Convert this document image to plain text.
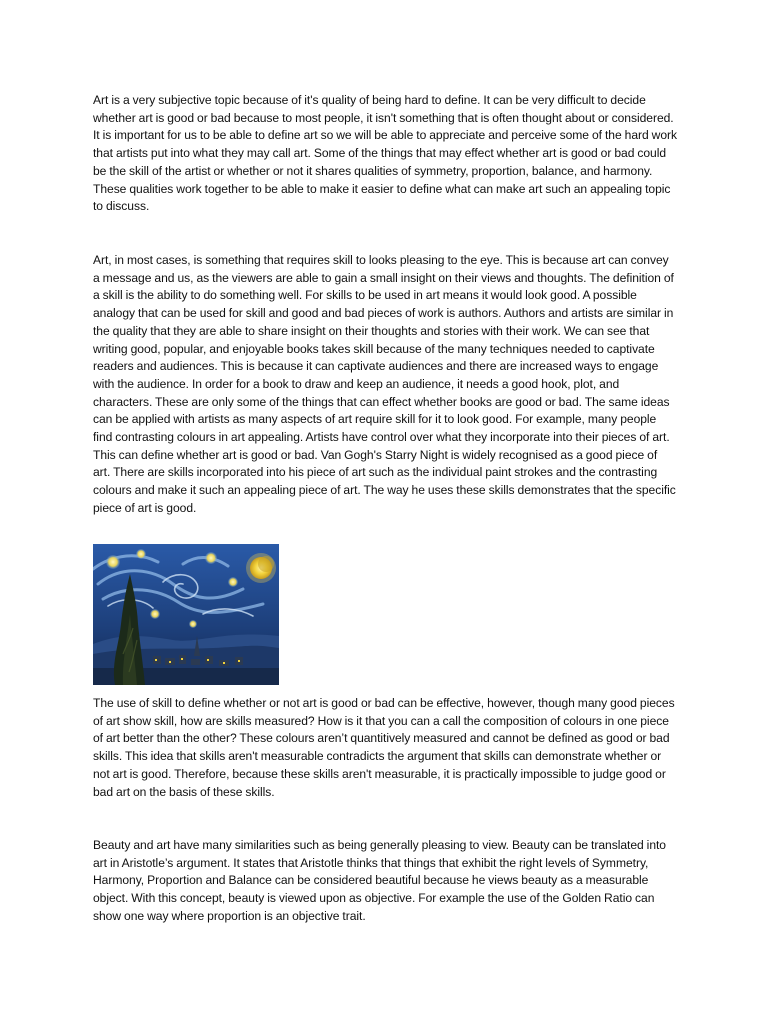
Art is a very subjective topic because of it's quality of being hard to define. It can be very difficult to decide whether art is good or bad because to most people, it isn't something that is often thought about or considered. It is important for us to be able to define art so we will be able to appreciate and perceive some of the hard work that artists put into what they may call art. Some of the things that may effect whether art is good or bad could be the skill of the artist or whether or not it shares qualities of symmetry, proportion, balance, and harmony. These qualities work together to be able to make it easier to define what can make art such an appealing topic to discuss.

Art, in most cases, is something that requires skill to looks pleasing to the eye. This is because art can convey a message and us, as the viewers are able to gain a small insight on their views and thoughts. The definition of a skill is the ability to do something well. For skills to be used in art means it would look good. A possible analogy that can be used for skill and good and bad pieces of work is authors. Authors and artists are similar in the quality that they are able to share insight on their thoughts and stories with their work. We can see that writing good, popular, and enjoyable books takes skill because of the many techniques needed to captivate readers and audiences. This is because it can captivate audiences and there are increased ways to engage with the audience. In order for a book to draw and keep an audience, it needs a good hook, plot, and characters. These are only some of the things that can effect whether books are good or bad. The same ideas can be applied with artists as many aspects of art require skill for it to look good. For example, many people find contrasting colours in art appealing. Artists have control over what they incorporate into their pieces of art. This can define whether art is good or bad. Van Gogh's Starry Night is widely recognised as a good piece of art. There are skills incorporated into his piece of art such as the individual paint strokes and the contrasting colours and make it such an appealing piece of art. The way he uses these skills demonstrates that the specific piece of art is good.

The use of skill to define whether or not art is good or bad can be effective, however, though many good pieces of art show skill, how are skills measured? How is it that you can a call the composition of colours in one piece of art better than the other? These colours aren’t quantitively measured and cannot be defined as good or bad skills. This idea that skills aren't measurable contradicts the argument that skills can demonstrate whether or not art is good. Therefore, because these skills aren't measurable, it is practically impossible to judge good or bad art on the basis of these skills.

Beauty and art have many similarities such as being generally pleasing to view. Beauty can be translated into art in Aristotle’s argument. It states that Aristotle thinks that things that exhibit the right levels of Symmetry, Harmony, Proportion and Balance can be considered beautiful because he views beauty as a measurable object. With this concept, beauty is viewed upon as objective. For example the use of the Golden Ratio can show one way where proportion is an objective trait.
